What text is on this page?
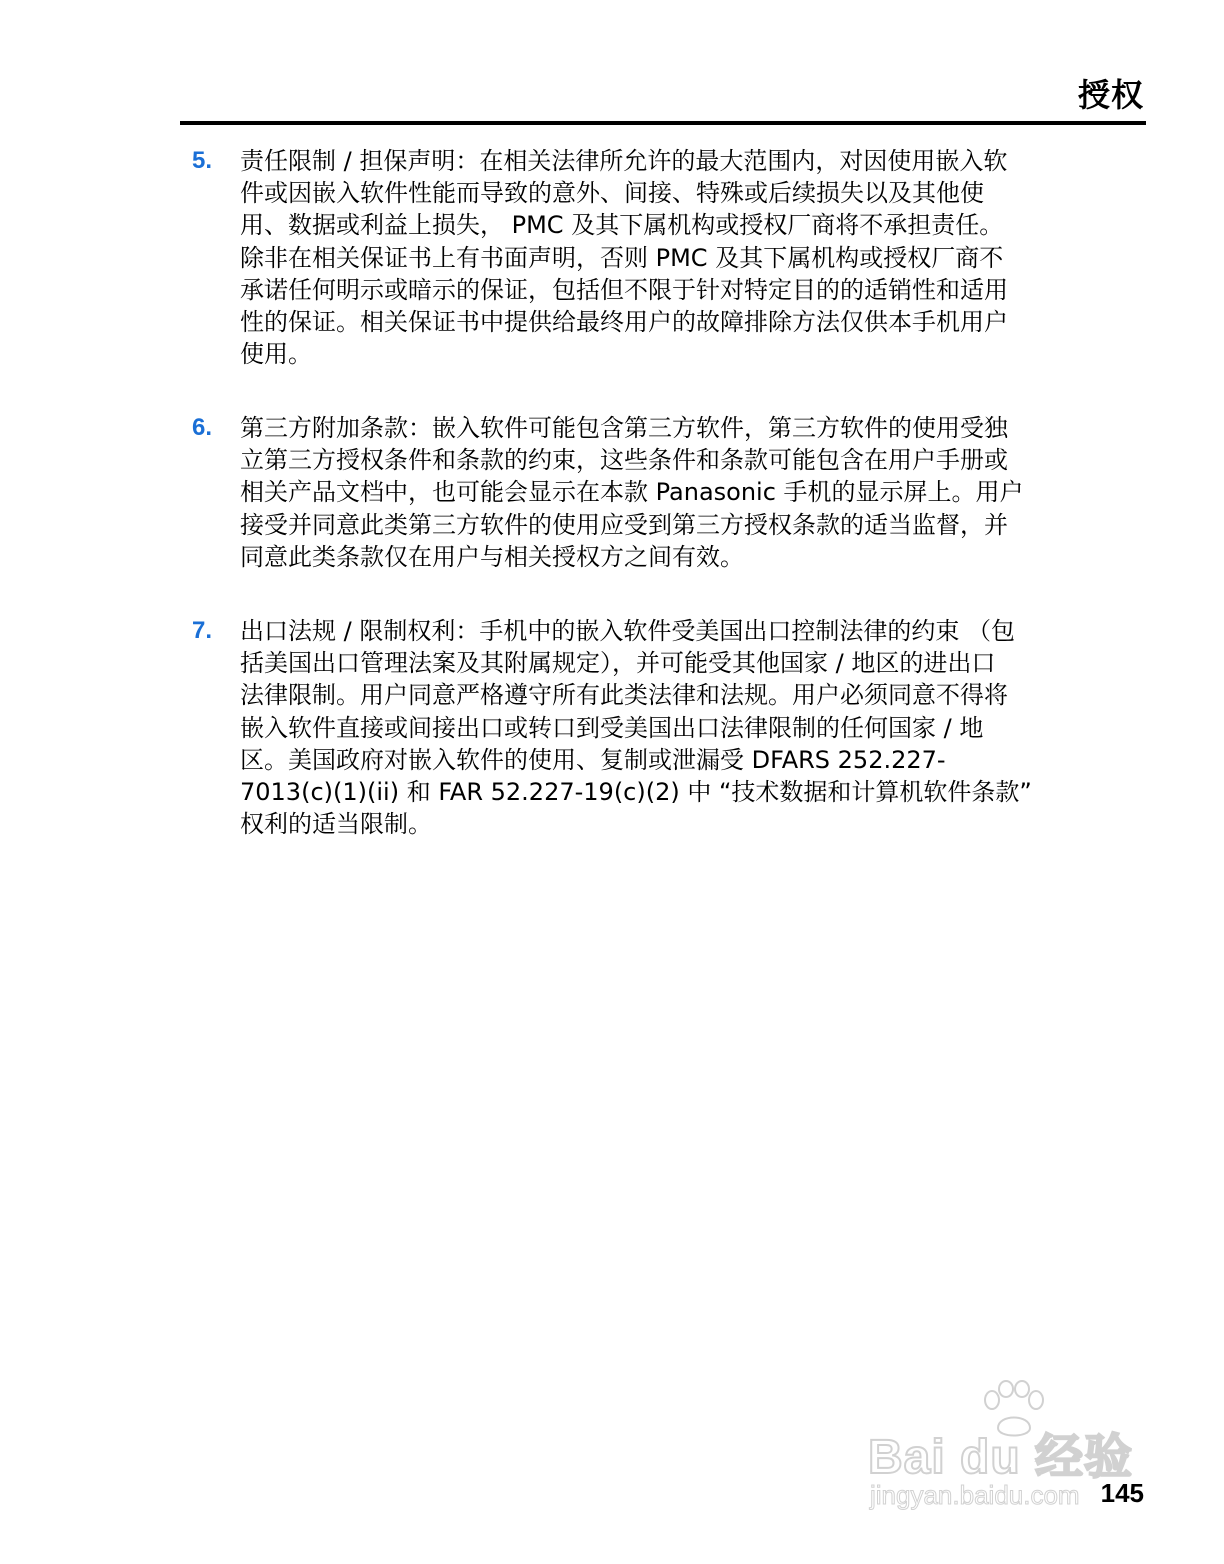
授权
5. 责任限制 / 担保声明：在相关法律所允许的最大范围内，对因使用嵌入软
件或因嵌入软件性能而导致的意外、间接、特殊或后续损失以及其他使
用、数据或利益上损失， PMC 及其下属机构或授权厂商将不承担责任。
除非在相关保证书上有书面声明，否则 PMC 及其下属机构或授权厂商不
承诺任何明示或暗示的保证，包括但不限于针对特定目的的适销性和适用
性的保证。相关保证书中提供给最终用户的故障排除方法仅供本手机用户
使用。
6. 第三方附加条款：嵌入软件可能包含第三方软件，第三方软件的使用受独
立第三方授权条件和条款的约束，这些条件和条款可能包含在用户手册或
相关产品文档中，也可能会显示在本款 Panasonic 手机的显示屏上。用户
接受并同意此类第三方软件的使用应受到第三方授权条款的适当监督，并
同意此类条款仅在用户与相关授权方之间有效。
7. 出口法规 / 限制权利：手机中的嵌入软件受美国出口控制法律的约束 （包
括美国出口管理法案及其附属规定），并可能受其他国家 / 地区的进出口
法律限制。用户同意严格遵守所有此类法律和法规。用户必须同意不得将
嵌入软件直接或间接出口或转口到受美国出口法律限制的任何国家 / 地
区。美国政府对嵌入软件的使用、复制或泄漏受 DFARS 252.227-
7013(c)(1)(ii) 和 FAR 52.227-19(c)(2) 中 “技术数据和计算机软件条款”
权利的适当限制。
Bai du 经验
jingyan.baidu.com 145
